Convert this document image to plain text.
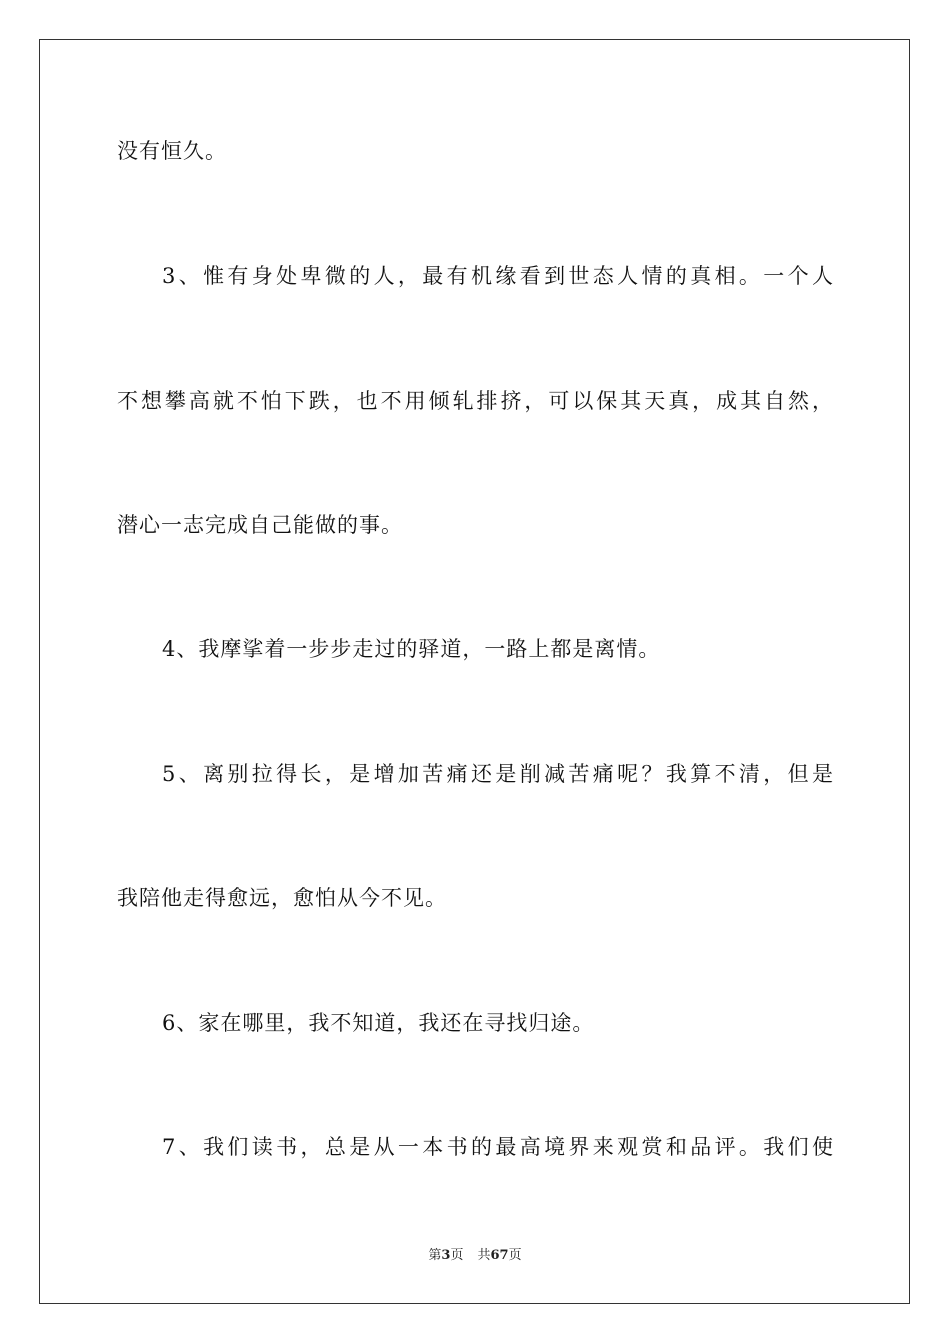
没有恒久。
3、惟有身处卑微的人，最有机缘看到世态人情的真相。一个人
不想攀高就不怕下跌，也不用倾轧排挤，可以保其天真，成其自然，
潜心一志完成自己能做的事。
4、我摩挲着一步步走过的驿道，一路上都是离情。
5、离别拉得长，是增加苦痛还是削减苦痛呢？我算不清，但是
我陪他走得愈远，愈怕从今不见。
6、家在哪里，我不知道，我还在寻找归途。
7、我们读书，总是从一本书的最高境界来观赏和品评。我们使
第3页 共67页
